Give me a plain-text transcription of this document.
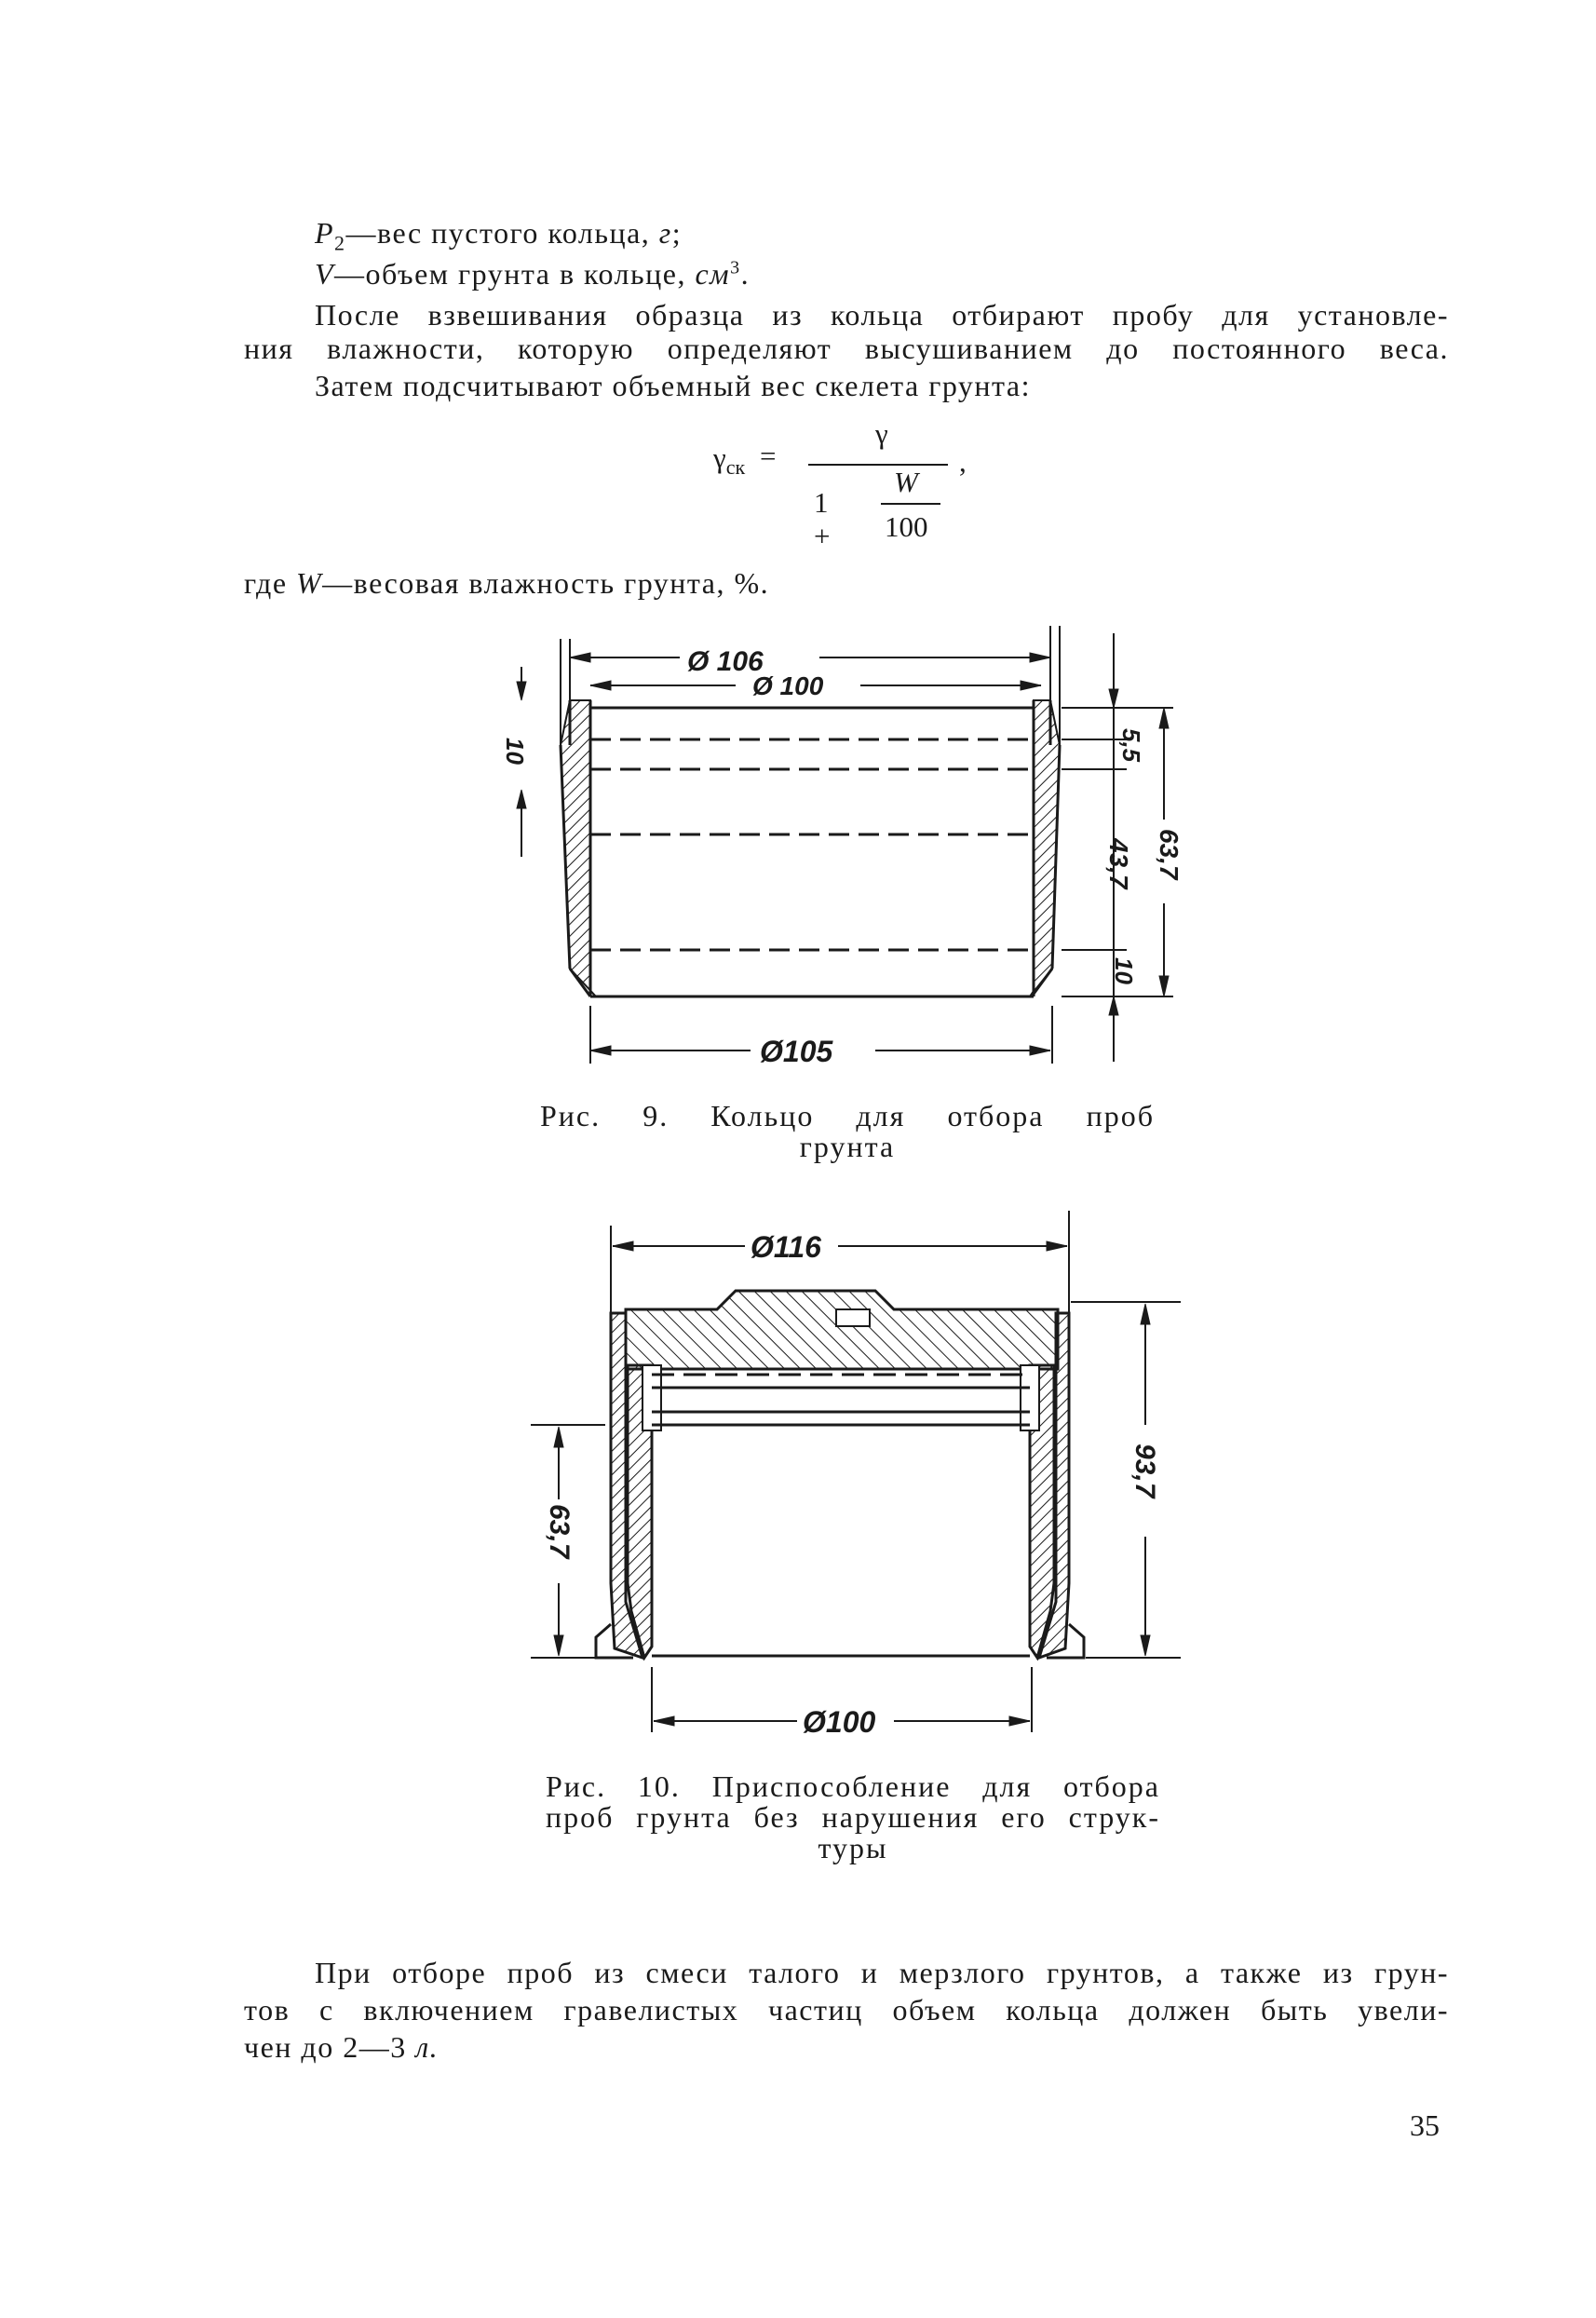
$P_2—вес$ пустого кольца, г;
V—объем грунта в кольце, $см^3$.
После взвешивания образца из кольца отбирают пробу для установле-
ния влажности, которую определяют высушиванием до постоянного веса.
Затем подсчитывают объемный вес скелета грунта:
$\gamma_{ск}$ =
γ
,
1 +
W
100
где W—весовая влажность грунта, %.
Ø 106
Ø 100
Ø105
10	5,5
43,7 63,7
10
Рис. 9. Кольцо для отбора проб
грунта
Ø116
Ø100
63,7
93,7
Рис. 10. Приспособление для отбора
проб грунта без нарушения его струк-
туры
При отборе проб из смеси талого и мерзлого грунтов, а также из грун-
тов с включением гравелистых частиц объем кольца должен быть увели-
чен до 2—3 л.
35
